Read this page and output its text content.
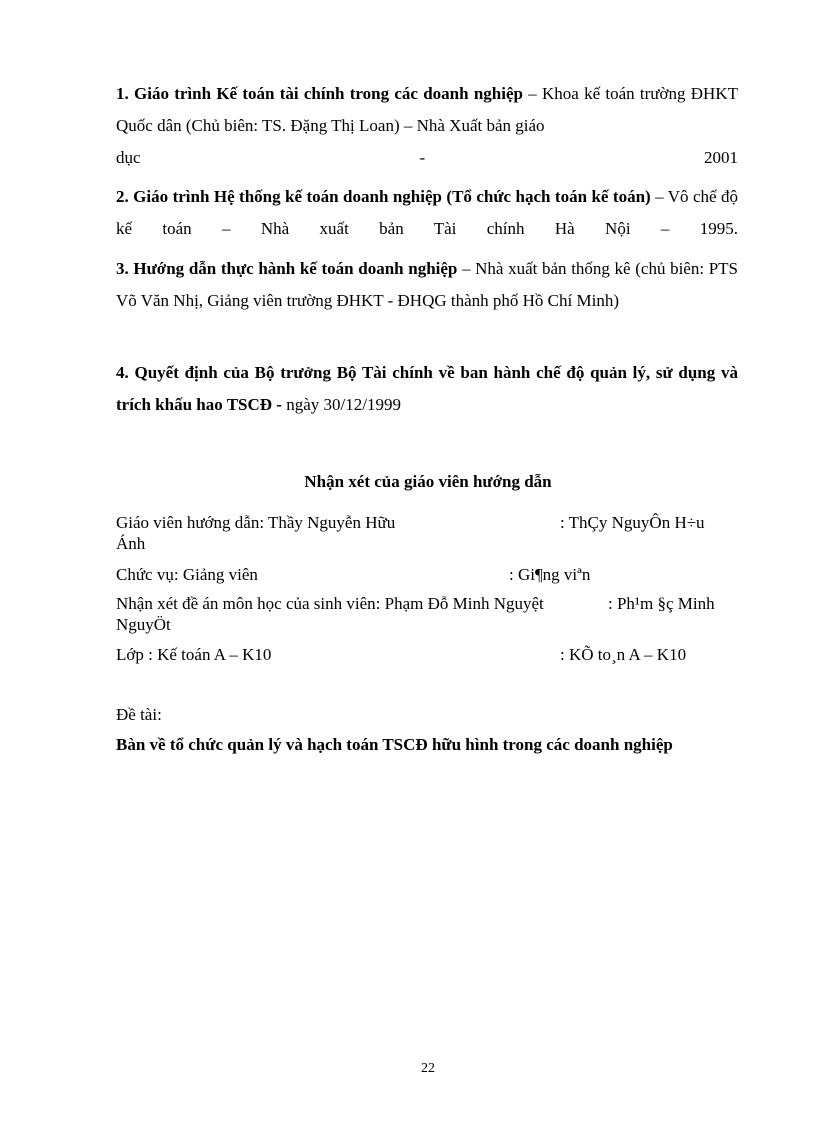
1. Giáo trình Kế toán tài chính trong các doanh nghiệp – Khoa kế toán trường ĐHKT Quốc dân (Chủ biên: TS. Đặng Thị Loan) – Nhà Xuất bản giáo
dục	-	2001
2. Giáo trình Hệ thống kế toán doanh nghiệp (Tổ chức hạch toán kế toán) – Vô chế độ kế toán – Nhà xuất bản Tài chính Hà Nội – 1995.
3. Hướng dẫn thực hành kế toán doanh nghiệp – Nhà xuất bản thống kê (chủ biên: PTS Võ Văn Nhị, Giảng viên trường ĐHKT - ĐHQG thành phố Hồ Chí Minh)
4. Quyết định của Bộ trưởng Bộ Tài chính về ban hành chế độ quản lý, sử dụng và trích khấu hao TSCĐ - ngày 30/12/1999
Nhận xét của giáo viên hướng dẫn
Giáo viên hướng dẫn: Thầy Nguyễn Hữu	: ThÇy NguyÔn H÷u
Ánh
Chức vụ: Giảng viên	: Gi¶ng viªn
Nhận xét đề án môn học của sinh viên: Phạm Đỗ Minh Nguyệt	: Ph¹m §ç Minh
NguyÖt
Lớp : Kế toán A – K10	: KÕ to¸n A – K10
Đề tài:
Bàn về tổ chức quản lý và hạch toán TSCĐ hữu hình trong các doanh nghiệp
22
